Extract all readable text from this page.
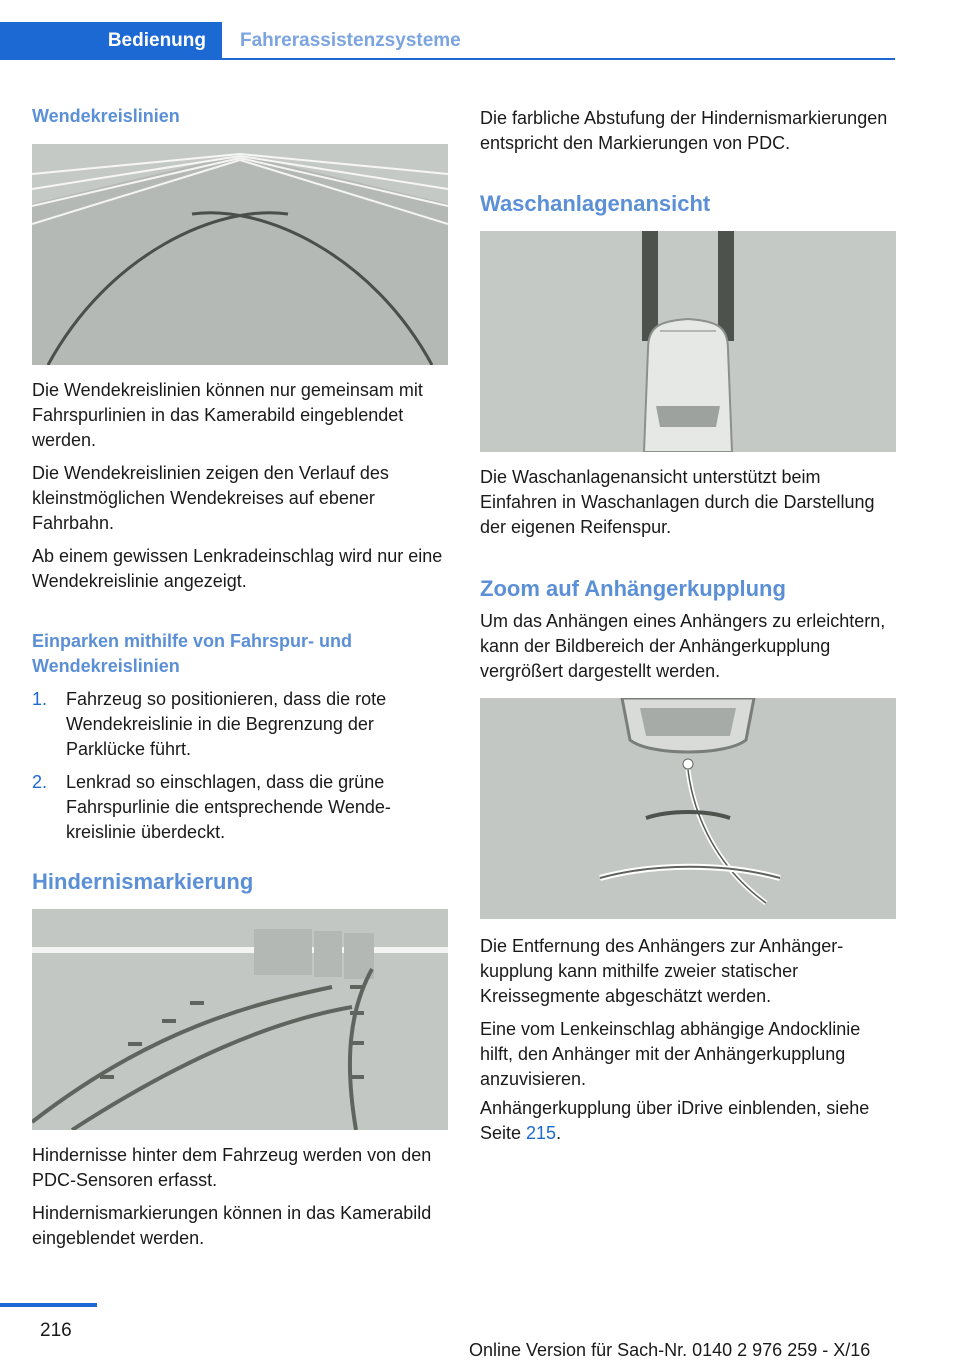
Bedienung	Fahrerassistenzsysteme
Wendekreislinien
Die Wendekreislinien können nur gemeinsam mit Fahrspurlinien in das Kamerabild eingeblendet werden.
Die Wendekreislinien zeigen den Verlauf des kleinstmöglichen Wendekreises auf ebener Fahrbahn.
Ab einem gewissen Lenkradeinschlag wird nur eine Wendekreislinie angezeigt.
Einparken mithilfe von Fahrspur- und Wendekreislinien
1. Fahrzeug so positionieren, dass die rote Wendekreislinie in die Begrenzung der Parklücke führt.
2. Lenkrad so einschlagen, dass die grüne Fahrspurlinie die entsprechende Wendekreislinie überdeckt.
Hindernismarkierung
Hindernisse hinter dem Fahrzeug werden von den PDC-Sensoren erfasst.
Hindernismarkierungen können in das Kamerabild eingeblendet werden.
Die farbliche Abstufung der Hindernismarkierungen entspricht den Markierungen von PDC.
Waschanlagenansicht
Die Waschanlagenansicht unterstützt beim Einfahren in Waschanlagen durch die Darstellung der eigenen Reifenspur.
Zoom auf Anhängerkupplung
Um das Anhängen eines Anhängers zu erleichtern, kann der Bildbereich der Anhängerkupplung vergrößert dargestellt werden.
Die Entfernung des Anhängers zur Anhängerkupplung kann mithilfe zweier statischer Kreissegmente abgeschätzt werden.
Eine vom Lenkeinschlag abhängige Andocklinie hilft, den Anhänger mit der Anhängerkupplung anzuvisieren.
Anhängerkupplung über iDrive einblenden, siehe Seite 215.
216
Online Version für Sach-Nr. 0140 2 976 259 - X/16
